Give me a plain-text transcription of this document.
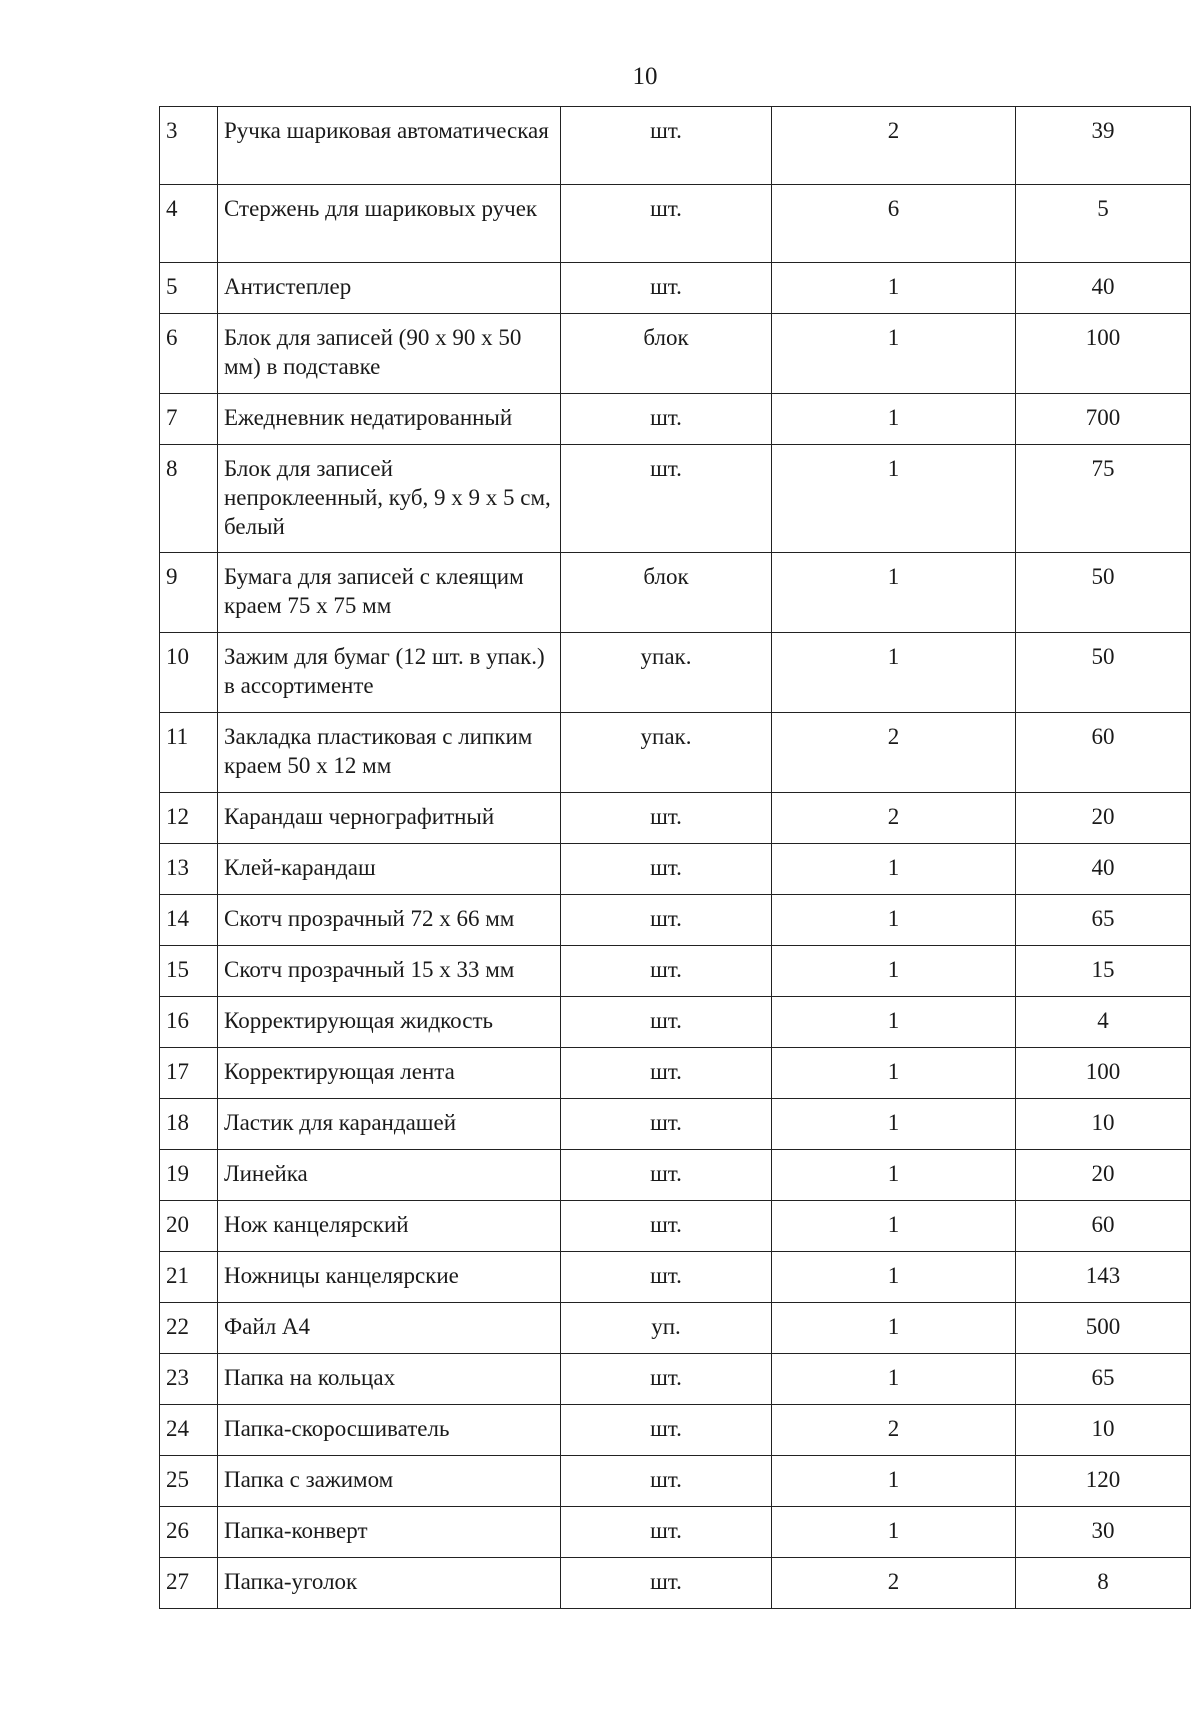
10
3	Ручка шариковая автоматическая	шт.	2	39
4	Стержень для шариковых ручек	шт.	6	5
5	Антистеплер	шт.	1	40
6	Блок для записей (90 х 90 х 50 мм) в подставке	блок	1	100
7	Ежедневник недатированный	шт.	1	700
8	Блок для записей непроклеенный, куб, 9 х 9 х 5 см, белый	шт.	1	75
9	Бумага для записей с клеящим краем 75 х 75 мм	блок	1	50
10	Зажим для бумаг (12 шт. в упак.) в ассортименте	упак.	1	50
11	Закладка пластиковая с липким краем 50 х 12 мм	упак.	2	60
12	Карандаш чернографитный	шт.	2	20
13	Клей-карандаш	шт.	1	40
14	Скотч прозрачный 72 х 66 мм	шт.	1	65
15	Скотч прозрачный 15 х 33 мм	шт.	1	15
16	Корректирующая жидкость	шт.	1	4
17	Корректирующая лента	шт.	1	100
18	Ластик для карандашей	шт.	1	10
19	Линейка	шт.	1	20
20	Нож канцелярский	шт.	1	60
21	Ножницы канцелярские	шт.	1	143
22	Файл А4	уп.	1	500
23	Папка на кольцах	шт.	1	65
24	Папка-скоросшиватель	шт.	2	10
25	Папка с зажимом	шт.	1	120
26	Папка-конверт	шт.	1	30
27	Папка-уголок	шт.	2	8
